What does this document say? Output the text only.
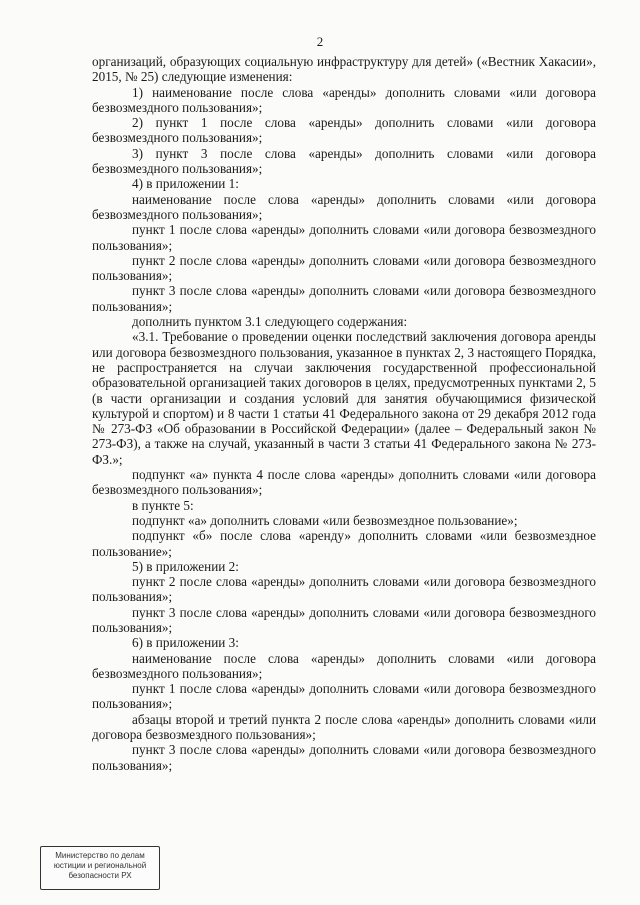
2

организаций, образующих социальную инфраструктуру для детей» («Вестник Хакасии», 2015, № 25) следующие изменения:

1) наименование после слова «аренды» дополнить словами «или договора безвозмездного пользования»;

2) пункт 1 после слова «аренды» дополнить словами «или договора безвозмездного пользования»;

3) пункт 3 после слова «аренды» дополнить словами «или договора безвозмездного пользования»;

4) в приложении 1:

наименование после слова «аренды» дополнить словами «или договора безвозмездного пользования»;

пункт 1 после слова «аренды» дополнить словами «или договора безвозмездного пользования»;

пункт 2 после слова «аренды» дополнить словами «или договора безвозмездного пользования»;

пункт 3 после слова «аренды» дополнить словами «или договора безвозмездного пользования»;

дополнить пунктом 3.1 следующего содержания:

«3.1. Требование о проведении оценки последствий заключения договора аренды или договора безвозмездного пользования, указанное в пунктах 2, 3 настоящего Порядка, не распространяется на случаи заключения государственной профессиональной образовательной организацией таких договоров в целях, предусмотренных пунктами 2, 5 (в части организации и создания условий для занятия обучающимися физической культурой и спортом) и 8 части 1 статьи 41 Федерального закона от 29 декабря 2012 года № 273-ФЗ «Об образовании в Российской Федерации» (далее – Федеральный закон № 273-ФЗ), а также на случай, указанный в части 3 статьи 41 Федерального закона № 273-ФЗ.»;

подпункт «а» пункта 4 после слова «аренды» дополнить словами «или договора безвозмездного пользования»;

в пункте 5:

подпункт «а» дополнить словами «или безвозмездное пользование»;

подпункт «б» после слова «аренду» дополнить словами «или безвозмездное пользование»;

5) в приложении 2:

пункт 2 после слова «аренды» дополнить словами «или договора безвозмездного пользования»;

пункт 3 после слова «аренды» дополнить словами «или договора безвозмездного пользования»;

6) в приложении 3:

наименование после слова «аренды» дополнить словами «или договора безвозмездного пользования»;

пункт 1 после слова «аренды» дополнить словами «или договора безвозмездного пользования»;

абзацы второй и третий пункта 2 после слова «аренды» дополнить словами «или договора безвозмездного пользования»;

пункт 3 после слова «аренды» дополнить словами «или договора безвозмездного пользования»;

Министерство по делам
юстиции и региональной
безопасности РХ
